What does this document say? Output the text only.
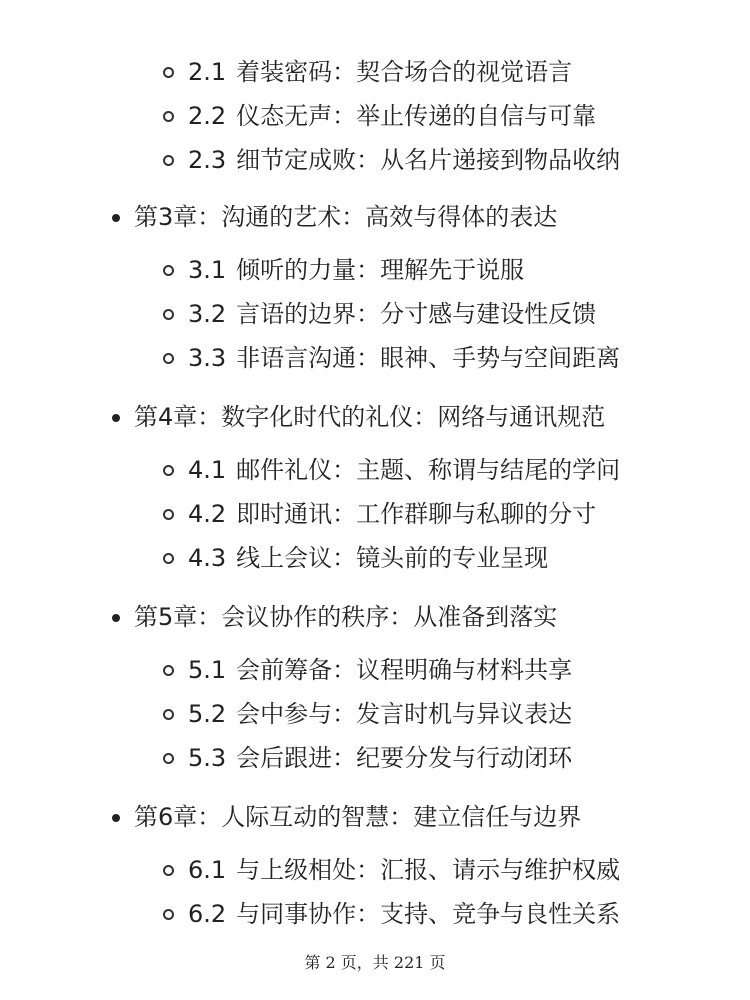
2.1 着装密码：契合场合的视觉语言
2.2 仪态无声：举止传递的自信与可靠
2.3 细节定成败：从名片递接到物品收纳
第3章：沟通的艺术：高效与得体的表达
3.1 倾听的力量：理解先于说服
3.2 言语的边界：分寸感与建设性反馈
3.3 非语言沟通：眼神、手势与空间距离
第4章：数字化时代的礼仪：网络与通讯规范
4.1 邮件礼仪：主题、称谓与结尾的学问
4.2 即时通讯：工作群聊与私聊的分寸
4.3 线上会议：镜头前的专业呈现
第5章：会议协作的秩序：从准备到落实
5.1 会前筹备：议程明确与材料共享
5.2 会中参与：发言时机与异议表达
5.3 会后跟进：纪要分发与行动闭环
第6章：人际互动的智慧：建立信任与边界
6.1 与上级相处：汇报、请示与维护权威
6.2 与同事协作：支持、竞争与良性关系
第 2 页，共 221 页
